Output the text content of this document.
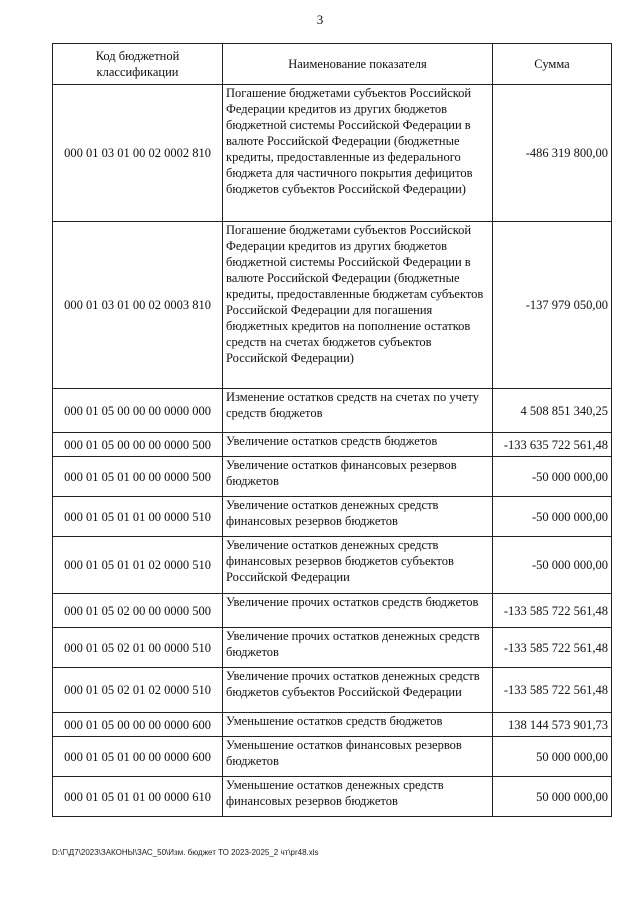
3
Код бюджетной классификации	Наименование показателя	Сумма
000 01 03 01 00 02 0002 810	Погашение бюджетами субъектов Российской Федерации кредитов из других бюджетов бюджетной системы Российской Федерации в валюте Российской Федерации (бюджетные кредиты, предоставленные из федерального бюджета для частичного покрытия дефицитов бюджетов субъектов Российской Федерации)	-486 319 800,00
000 01 03 01 00 02 0003 810	Погашение бюджетами субъектов Российской Федерации кредитов из других бюджетов бюджетной системы Российской Федерации в валюте Российской Федерации (бюджетные кредиты, предоставленные бюджетам субъектов Российской Федерации для погашения бюджетных кредитов на пополнение остатков средств на счетах бюджетов субъектов Российской Федерации)	-137 979 050,00
000 01 05 00 00 00 0000 000	Изменение остатков средств на счетах по учету средств бюджетов	4 508 851 340,25
000 01 05 00 00 00 0000 500	Увеличение остатков средств бюджетов	-133 635 722 561,48
000 01 05 01 00 00 0000 500	Увеличение остатков финансовых резервов бюджетов	-50 000 000,00
000 01 05 01 01 00 0000 510	Увеличение остатков денежных средств финансовых резервов бюджетов	-50 000 000,00
000 01 05 01 01 02 0000 510	Увеличение остатков денежных средств финансовых резервов бюджетов субъектов Российской Федерации	-50 000 000,00
000 01 05 02 00 00 0000 500	Увеличение прочих остатков средств бюджетов	-133 585 722 561,48
000 01 05 02 01 00 0000 510	Увеличение прочих остатков денежных средств бюджетов	-133 585 722 561,48
000 01 05 02 01 02 0000 510	Увеличение прочих остатков денежных средств бюджетов субъектов Российской Федерации	-133 585 722 561,48
000 01 05 00 00 00 0000 600	Уменьшение остатков средств бюджетов	138 144 573 901,73
000 01 05 01 00 00 0000 600	Уменьшение остатков финансовых резервов бюджетов	50 000 000,00
000 01 05 01 01 00 0000 610	Уменьшение остатков денежных средств финансовых резервов бюджетов	50 000 000,00
D:\Г\Д7\2023\ЗАКОНЫ\ЗАС_50\Изм. бюджет ТО 2023-2025_2 чт\pr48.xls
